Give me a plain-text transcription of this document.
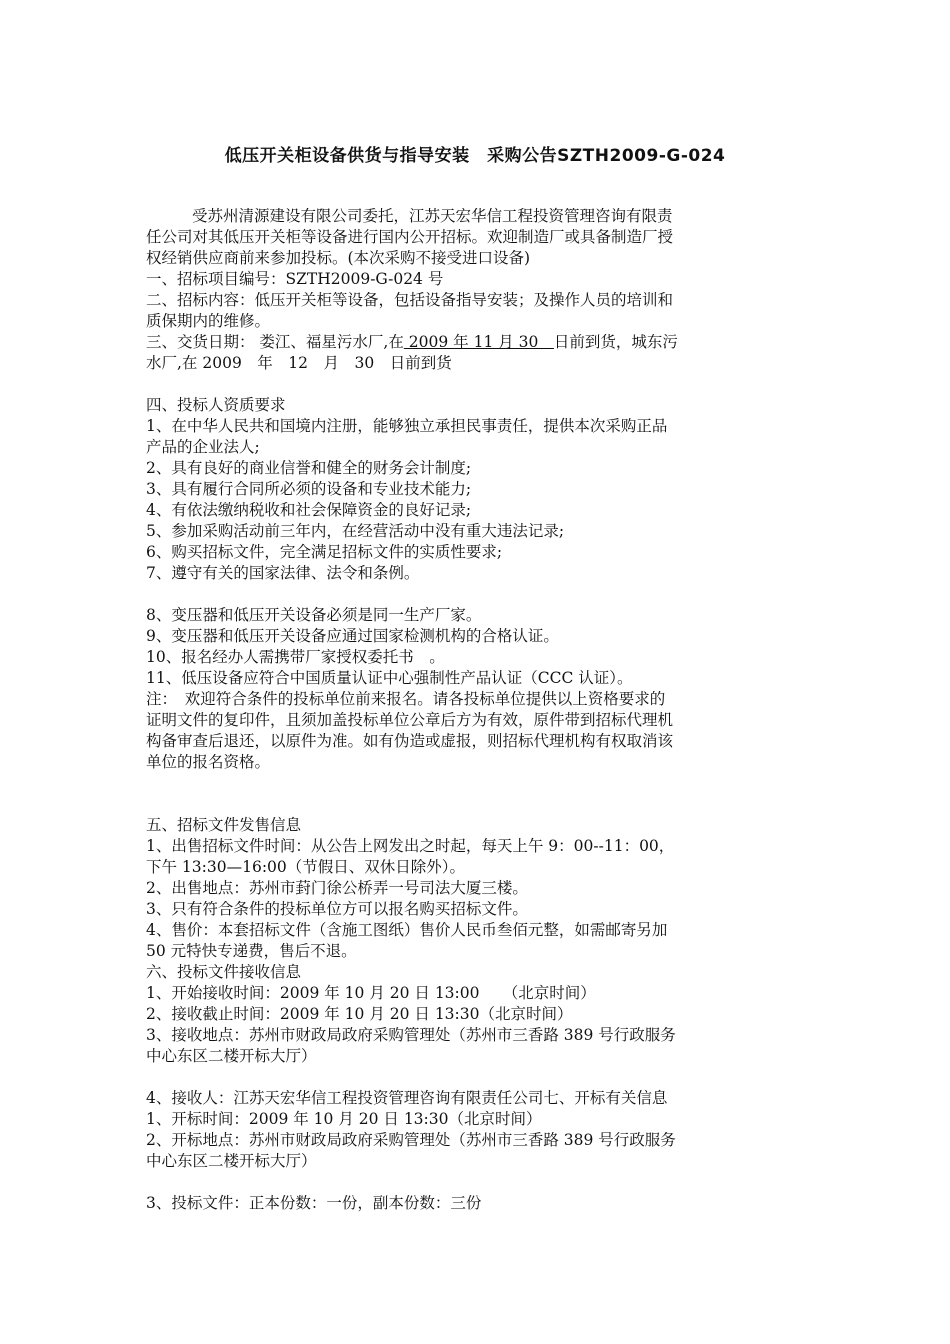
低压开关柜设备供货与指导安装　采购公告SZTH2009-G-024
受苏州清源建设有限公司委托，江苏天宏华信工程投资管理咨询有限责
任公司对其低压开关柜等设备进行国内公开招标。欢迎制造厂或具备制造厂授
权经销供应商前来参加投标。(本次采购不接受进口设备)
一、招标项目编号：SZTH2009-G-024 号
二、招标内容：低压开关柜等设备，包括设备指导安装；及操作人员的培训和
质保期内的维修。
三、交货日期： 娄江、福星污水厂,在 2009 年 11 月 30　日前到货，城东污
水厂,在 2009　年　12　月　30　日前到货
四、投标人资质要求
1、在中华人民共和国境内注册，能够独立承担民事责任，提供本次采购正品
产品的企业法人;
2、具有良好的商业信誉和健全的财务会计制度;
3、具有履行合同所必须的设备和专业技术能力;
4、有依法缴纳税收和社会保障资金的良好记录;
5、参加采购活动前三年内，在经营活动中没有重大违法记录;
6、购买招标文件，完全满足招标文件的实质性要求;
7、遵守有关的国家法律、法令和条例。
8、变压器和低压开关设备必须是同一生产厂家。
9、变压器和低压开关设备应通过国家检测机构的合格认证。
10、报名经办人需携带厂家授权委托书　。
11、低压设备应符合中国质量认证中心强制性产品认证（CCC 认证）。
注：　欢迎符合条件的投标单位前来报名。请各投标单位提供以上资格要求的
证明文件的复印件，且须加盖投标单位公章后方为有效，原件带到招标代理机
构备审查后退还，以原件为准。如有伪造或虚报，则招标代理机构有权取消该
单位的报名资格。
五、招标文件发售信息
1、出售招标文件时间：从公告上网发出之时起，每天上午 9：00--11：00，
下午 13:30—16:00（节假日、双休日除外）。
2、出售地点：苏州市葑门徐公桥弄一号司法大厦三楼。
3、只有符合条件的投标单位方可以报名购买招标文件。
4、售价：本套招标文件（含施工图纸）售价人民币叁佰元整，如需邮寄另加
50 元特快专递费，售后不退。
六、投标文件接收信息
1、开始接收时间：2009 年 10 月 20 日 13:00　　（北京时间）
2、接收截止时间：2009 年 10 月 20 日 13:30（北京时间）
3、接收地点：苏州市财政局政府采购管理处（苏州市三香路 389 号行政服务
中心东区二楼开标大厅）
4、接收人：江苏天宏华信工程投资管理咨询有限责任公司七、开标有关信息
1、开标时间：2009 年 10 月 20 日 13:30（北京时间）
2、开标地点：苏州市财政局政府采购管理处（苏州市三香路 389 号行政服务
中心东区二楼开标大厅）
3、投标文件：正本份数：一份，副本份数：三份
